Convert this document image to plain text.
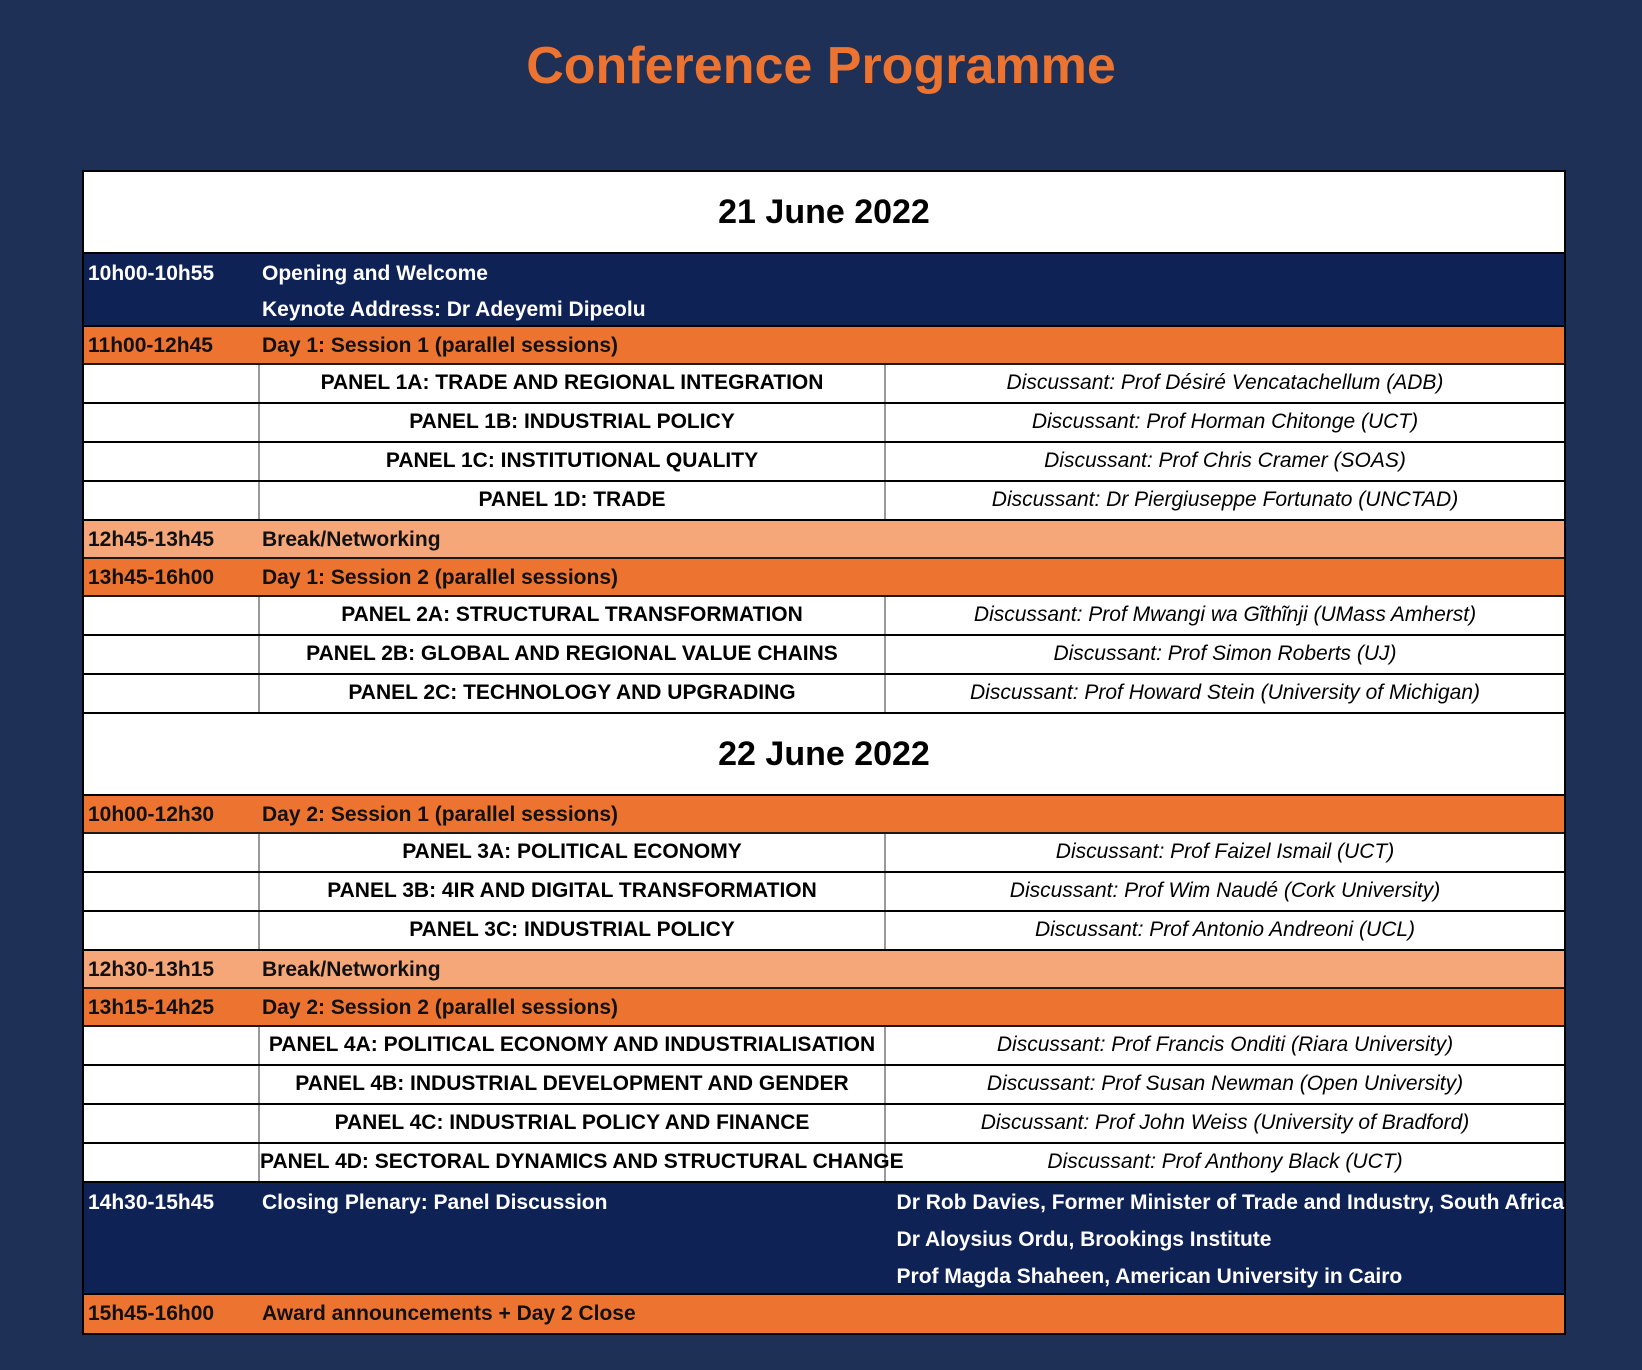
Conference Programme
21 June 2022
10h00-10h55	Opening and Welcome
Keynote Address: Dr Adeyemi Dipeolu
11h00-12h45	Day 1: Session 1 (parallel sessions)
PANEL 1A: TRADE AND REGIONAL INTEGRATION	Discussant: Prof Désiré Vencatachellum (ADB)
PANEL 1B: INDUSTRIAL POLICY	Discussant: Prof Horman Chitonge (UCT)
PANEL 1C: INSTITUTIONAL QUALITY	Discussant: Prof Chris Cramer (SOAS)
PANEL 1D: TRADE	Discussant: Dr Piergiuseppe Fortunato (UNCTAD)
12h45-13h45	Break/Networking
13h45-16h00	Day 1: Session 2 (parallel sessions)
PANEL 2A: STRUCTURAL TRANSFORMATION	Discussant: Prof Mwangi wa Gĩthĩnji (UMass Amherst)
PANEL 2B: GLOBAL AND REGIONAL VALUE CHAINS	Discussant: Prof Simon Roberts (UJ)
PANEL 2C: TECHNOLOGY AND UPGRADING	Discussant: Prof Howard Stein (University of Michigan)
22 June 2022
10h00-12h30	Day 2: Session 1 (parallel sessions)
PANEL 3A: POLITICAL ECONOMY	Discussant: Prof Faizel Ismail (UCT)
PANEL 3B: 4IR AND DIGITAL TRANSFORMATION	Discussant: Prof Wim Naudé (Cork University)
PANEL 3C: INDUSTRIAL POLICY	Discussant: Prof Antonio Andreoni (UCL)
12h30-13h15	Break/Networking
13h15-14h25	Day 2: Session 2 (parallel sessions)
PANEL 4A: POLITICAL ECONOMY AND INDUSTRIALISATION	Discussant: Prof Francis Onditi (Riara University)
PANEL 4B: INDUSTRIAL DEVELOPMENT AND GENDER	Discussant: Prof Susan Newman (Open University)
PANEL 4C: INDUSTRIAL POLICY AND FINANCE	Discussant: Prof John Weiss (University of Bradford)
PANEL 4D: SECTORAL DYNAMICS AND STRUCTURAL CHANGE	Discussant: Prof Anthony Black (UCT)
14h30-15h45	Closing Plenary: Panel Discussion	Dr Rob Davies, Former Minister of Trade and Industry, South Africa
Dr Aloysius Ordu, Brookings Institute
Prof Magda Shaheen, American University in Cairo
15h45-16h00	Award announcements + Day 2 Close
